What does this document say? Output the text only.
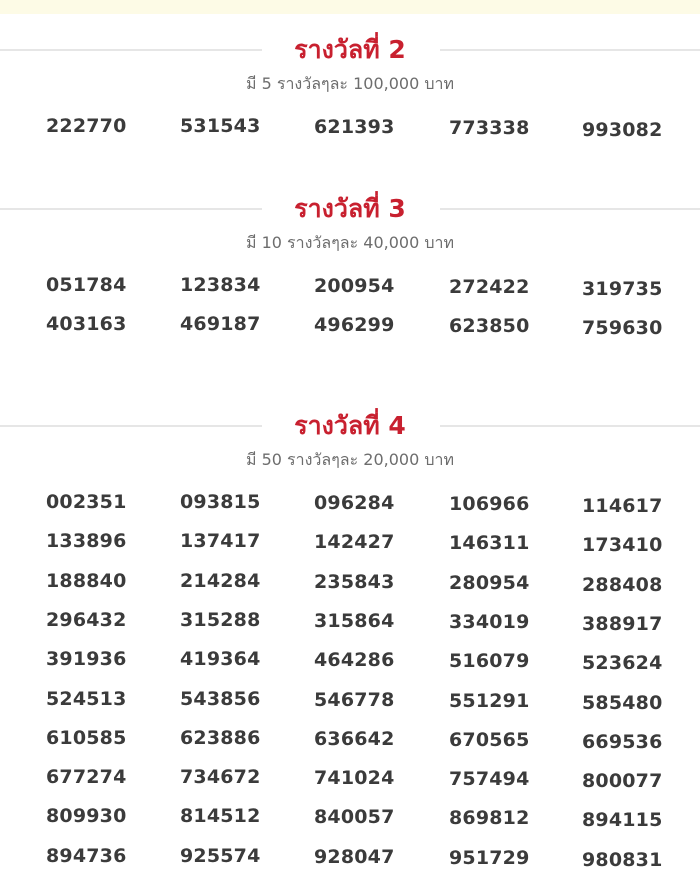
รางวัลที่ 2
มี 5 รางวัลๆละ 100,000 บาท
222770	531543	621393	773338	993082
รางวัลที่ 3
มี 10 รางวัลๆละ 40,000 บาท
051784	123834	200954	272422	319735
403163	469187	496299	623850	759630
รางวัลที่ 4
มี 50 รางวัลๆละ 20,000 บาท
002351	093815	096284	106966	114617
133896	137417	142427	146311	173410
188840	214284	235843	280954	288408
296432	315288	315864	334019	388917
391936	419364	464286	516079	523624
524513	543856	546778	551291	585480
610585	623886	636642	670565	669536
677274	734672	741024	757494	800077
809930	814512	840057	869812	894115
894736	925574	928047	951729	980831
